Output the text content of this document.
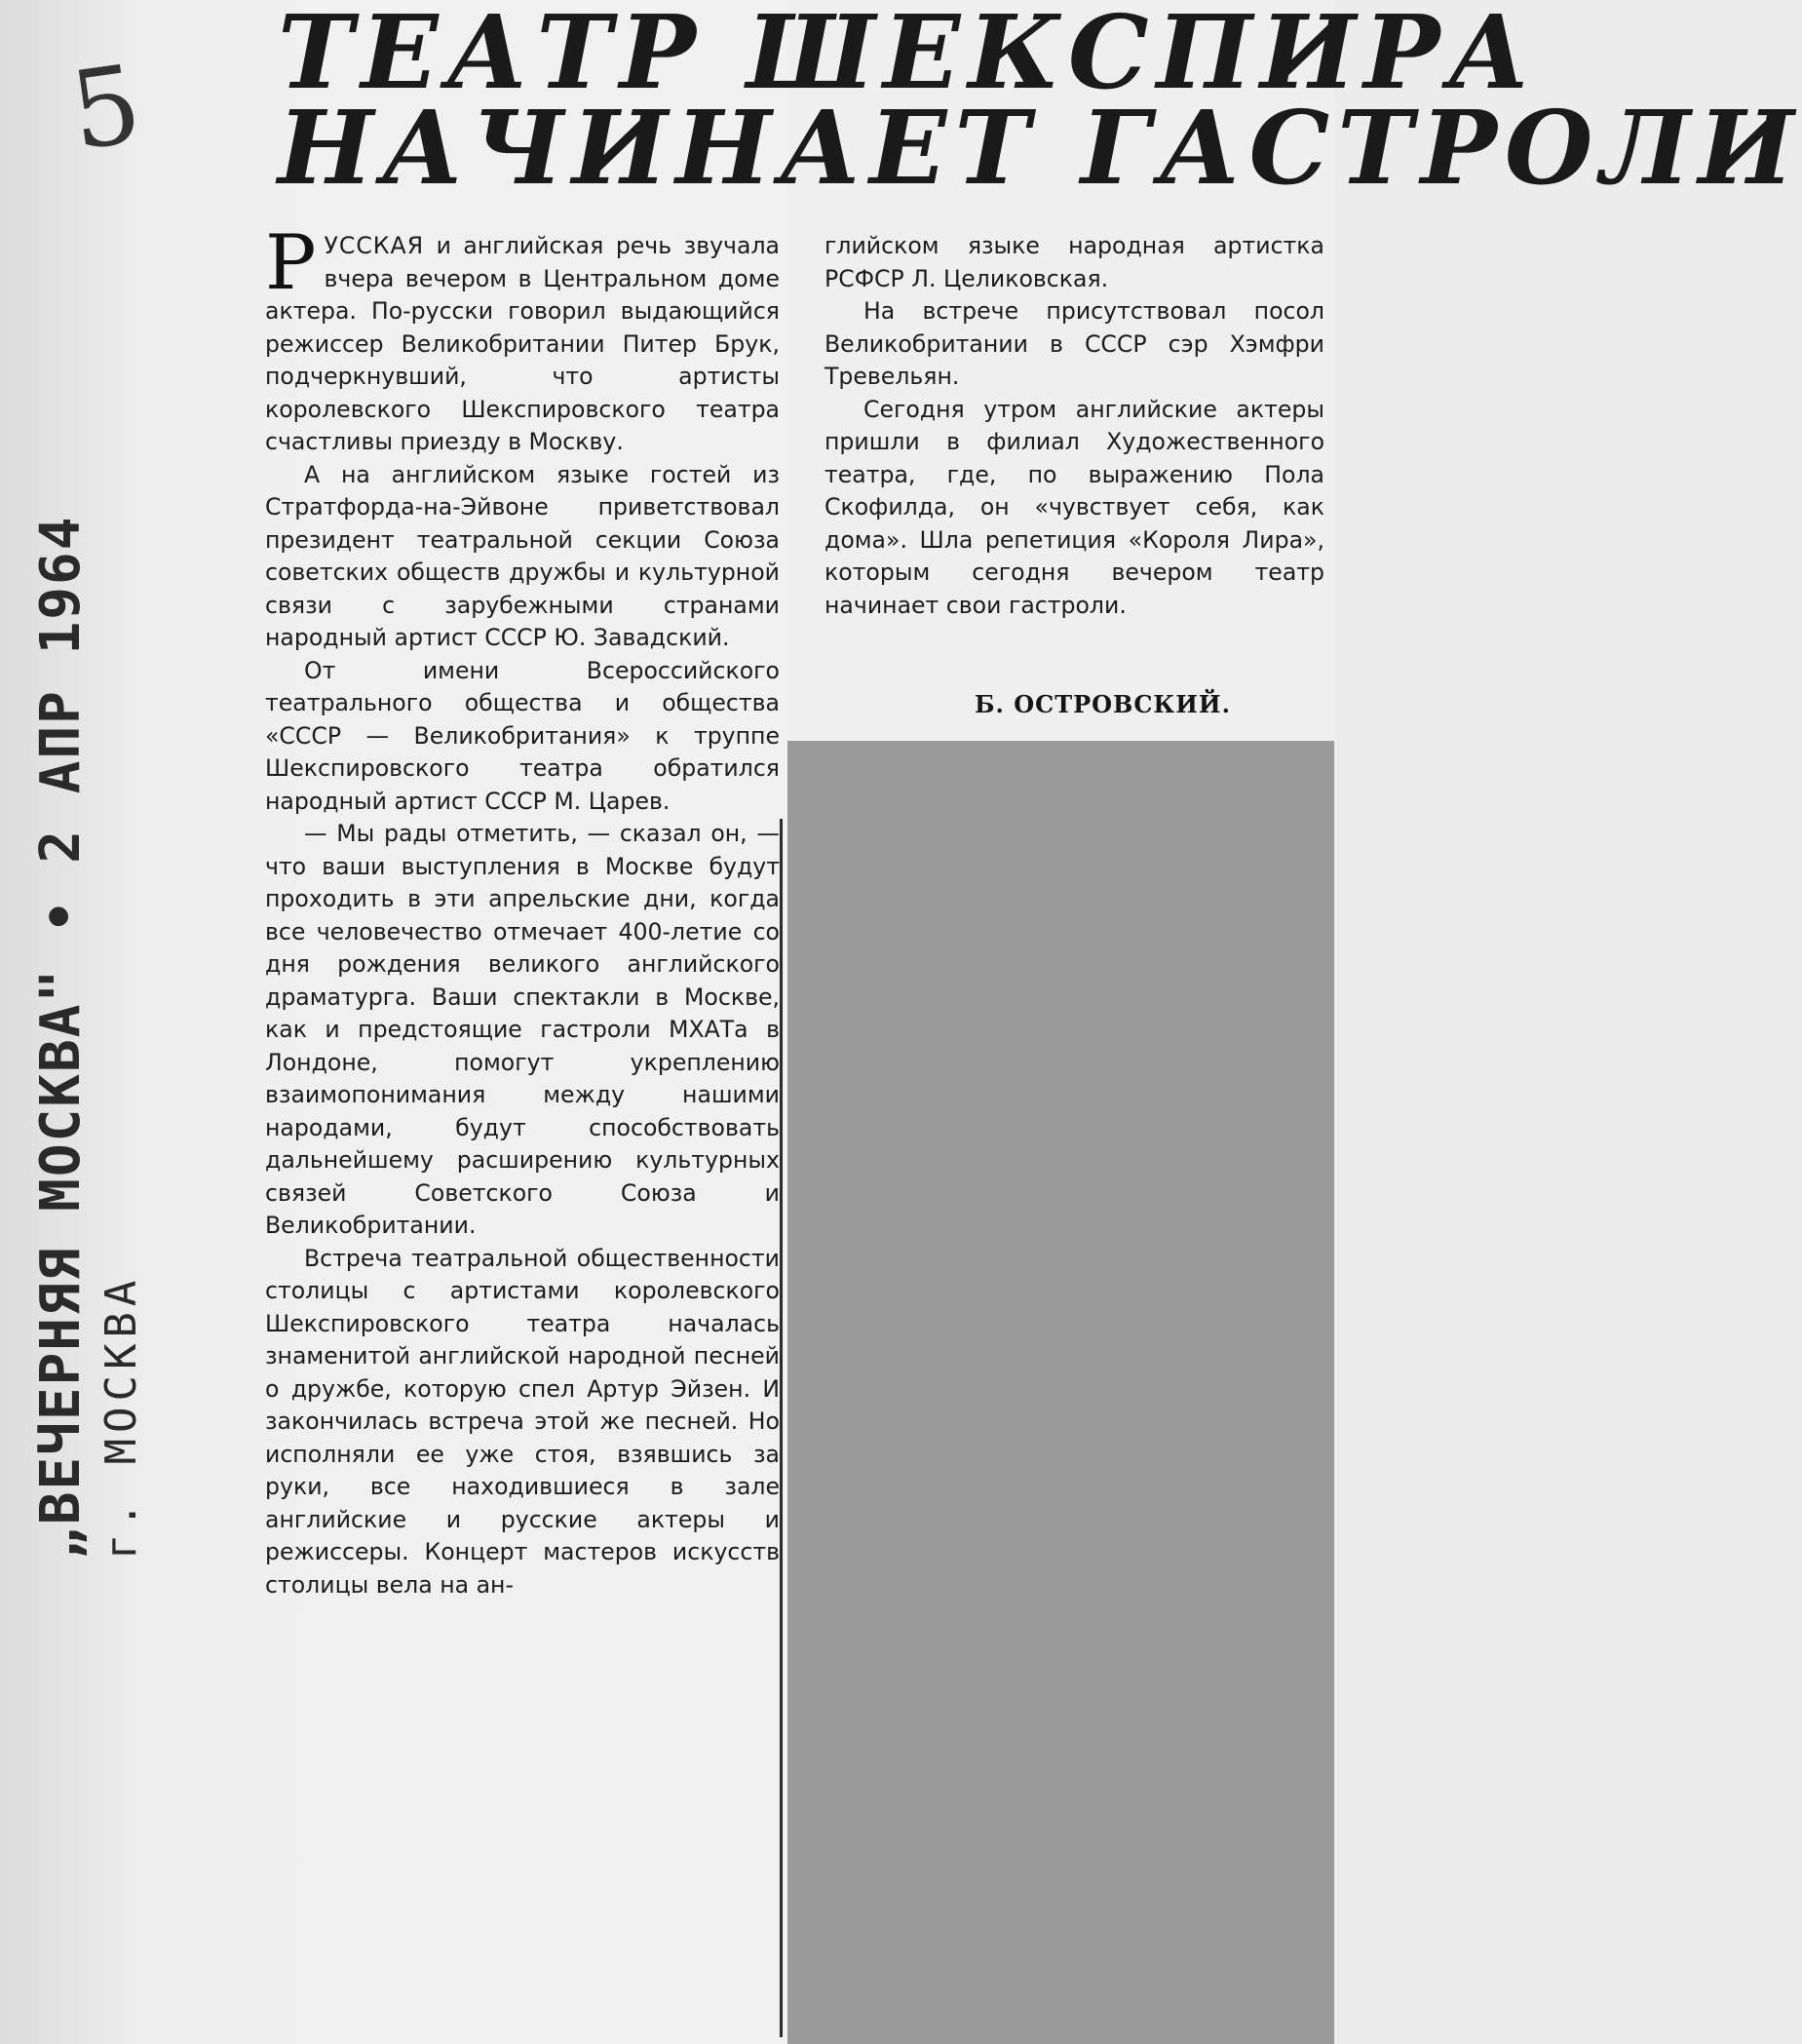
5 ТЕАТР ШЕКСПИРА
НАЧИНАЕТ ГАСТРОЛИ
„ВЕЧЕРНЯЯ МОСКВА" • 2 АПР 1964 г. МОСКВА

РУССКАЯ и английская речь звучала вчера вечером в Центральном доме актера. По-русски говорил выдающийся режиссер Великобритании Питер Брук, подчеркнувший, что артисты королевского Шекспировского театра счастливы приезду в Москву.

А на английском языке гостей из Стратфорда-на-Эйвоне приветствовал президент театральной секции Союза советских обществ дружбы и культурной связи с зарубежными странами народный артист СССР Ю. Завадский.

От имени Всероссийского театрального общества и общества «СССР — Великобритания» к труппе Шекспировского театра обратился народный артист СССР М. Царев.

— Мы рады отметить, — сказал он, — что ваши выступления в Москве будут проходить в эти апрельские дни, когда все человечество отмечает 400-летие со дня рождения великого английского драматурга. Ваши спектакли в Москве, как и предстоящие гастроли МХАТа в Лондоне, помогут укреплению взаимопонимания между нашими народами, будут способствовать дальнейшему расширению культурных связей Советского Союза и Великобритании.

Встреча театральной общественности столицы с артистами королевского Шекспировского театра началась знаменитой английской народной песней о дружбе, которую спел Артур Эйзен. И закончилась встреча этой же песней. Но исполняли ее уже стоя, взявшись за руки, все находившиеся в зале английские и русские актеры и режиссеры. Концерт мастеров искусств столицы вела на ан-

глийском языке народная артистка РСФСР Л. Целиковская.

На встрече присутствовал посол Великобритании в СССР сэр Хэмфри Тревельян.

Сегодня утром английские актеры пришли в филиал Художественного театра, где, по выражению Пола Скофилда, он «чувствует себя, как дома». Шла репетиция «Короля Лира», которым сегодня вечером театр начинает свои гастроли.

Б. ОСТРОВСКИЙ.
